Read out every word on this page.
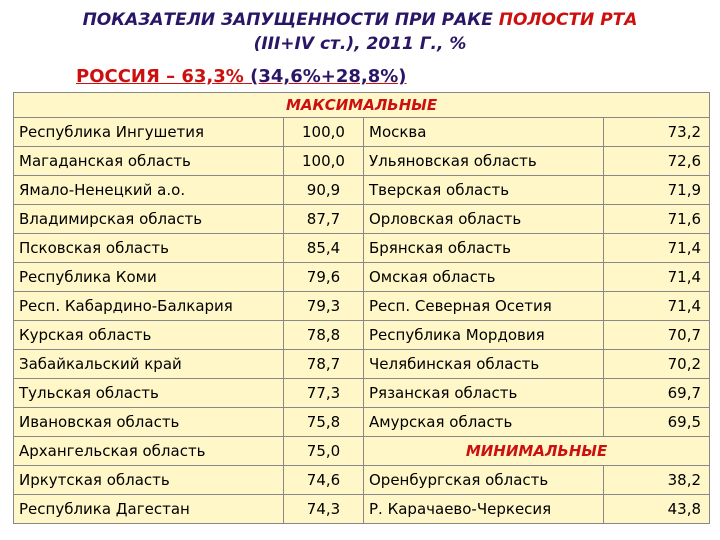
ПОКАЗАТЕЛИ ЗАПУЩЕННОСТИ ПРИ РАКЕ ПОЛОСТИ РТА
(III+IV ст.), 2011 Г., %
РОССИЯ – 63,3% (34,6%+28,8%)
МАКСИМАЛЬНЫЕ			
Республика Ингушетия	100,0	Москва	73,2
Магаданская область	100,0	Ульяновская область	72,6
Ямало-Ненецкий а.о.	90,9	Тверская область	71,9
Владимирская область	87,7	Орловская область	71,6
Псковская область	85,4	Брянская область	71,4
Республика Коми	79,6	Омская область	71,4
Респ. Кабардино-Балкария	79,3	Респ. Северная Осетия	71,4
Курская область	78,8	Республика Мордовия	70,7
Забайкальский край	78,7	Челябинская область	70,2
Тульская область	77,3	Рязанская область	69,7
Ивановская область	75,8	Амурская область	69,5
Архангельская область	75,0	МИНИМАЛЬНЫЕ	
Иркутская область	74,6	Оренбургская область	38,2
Республика Дагестан	74,3	Р. Карачаево-Черкесия	43,8
